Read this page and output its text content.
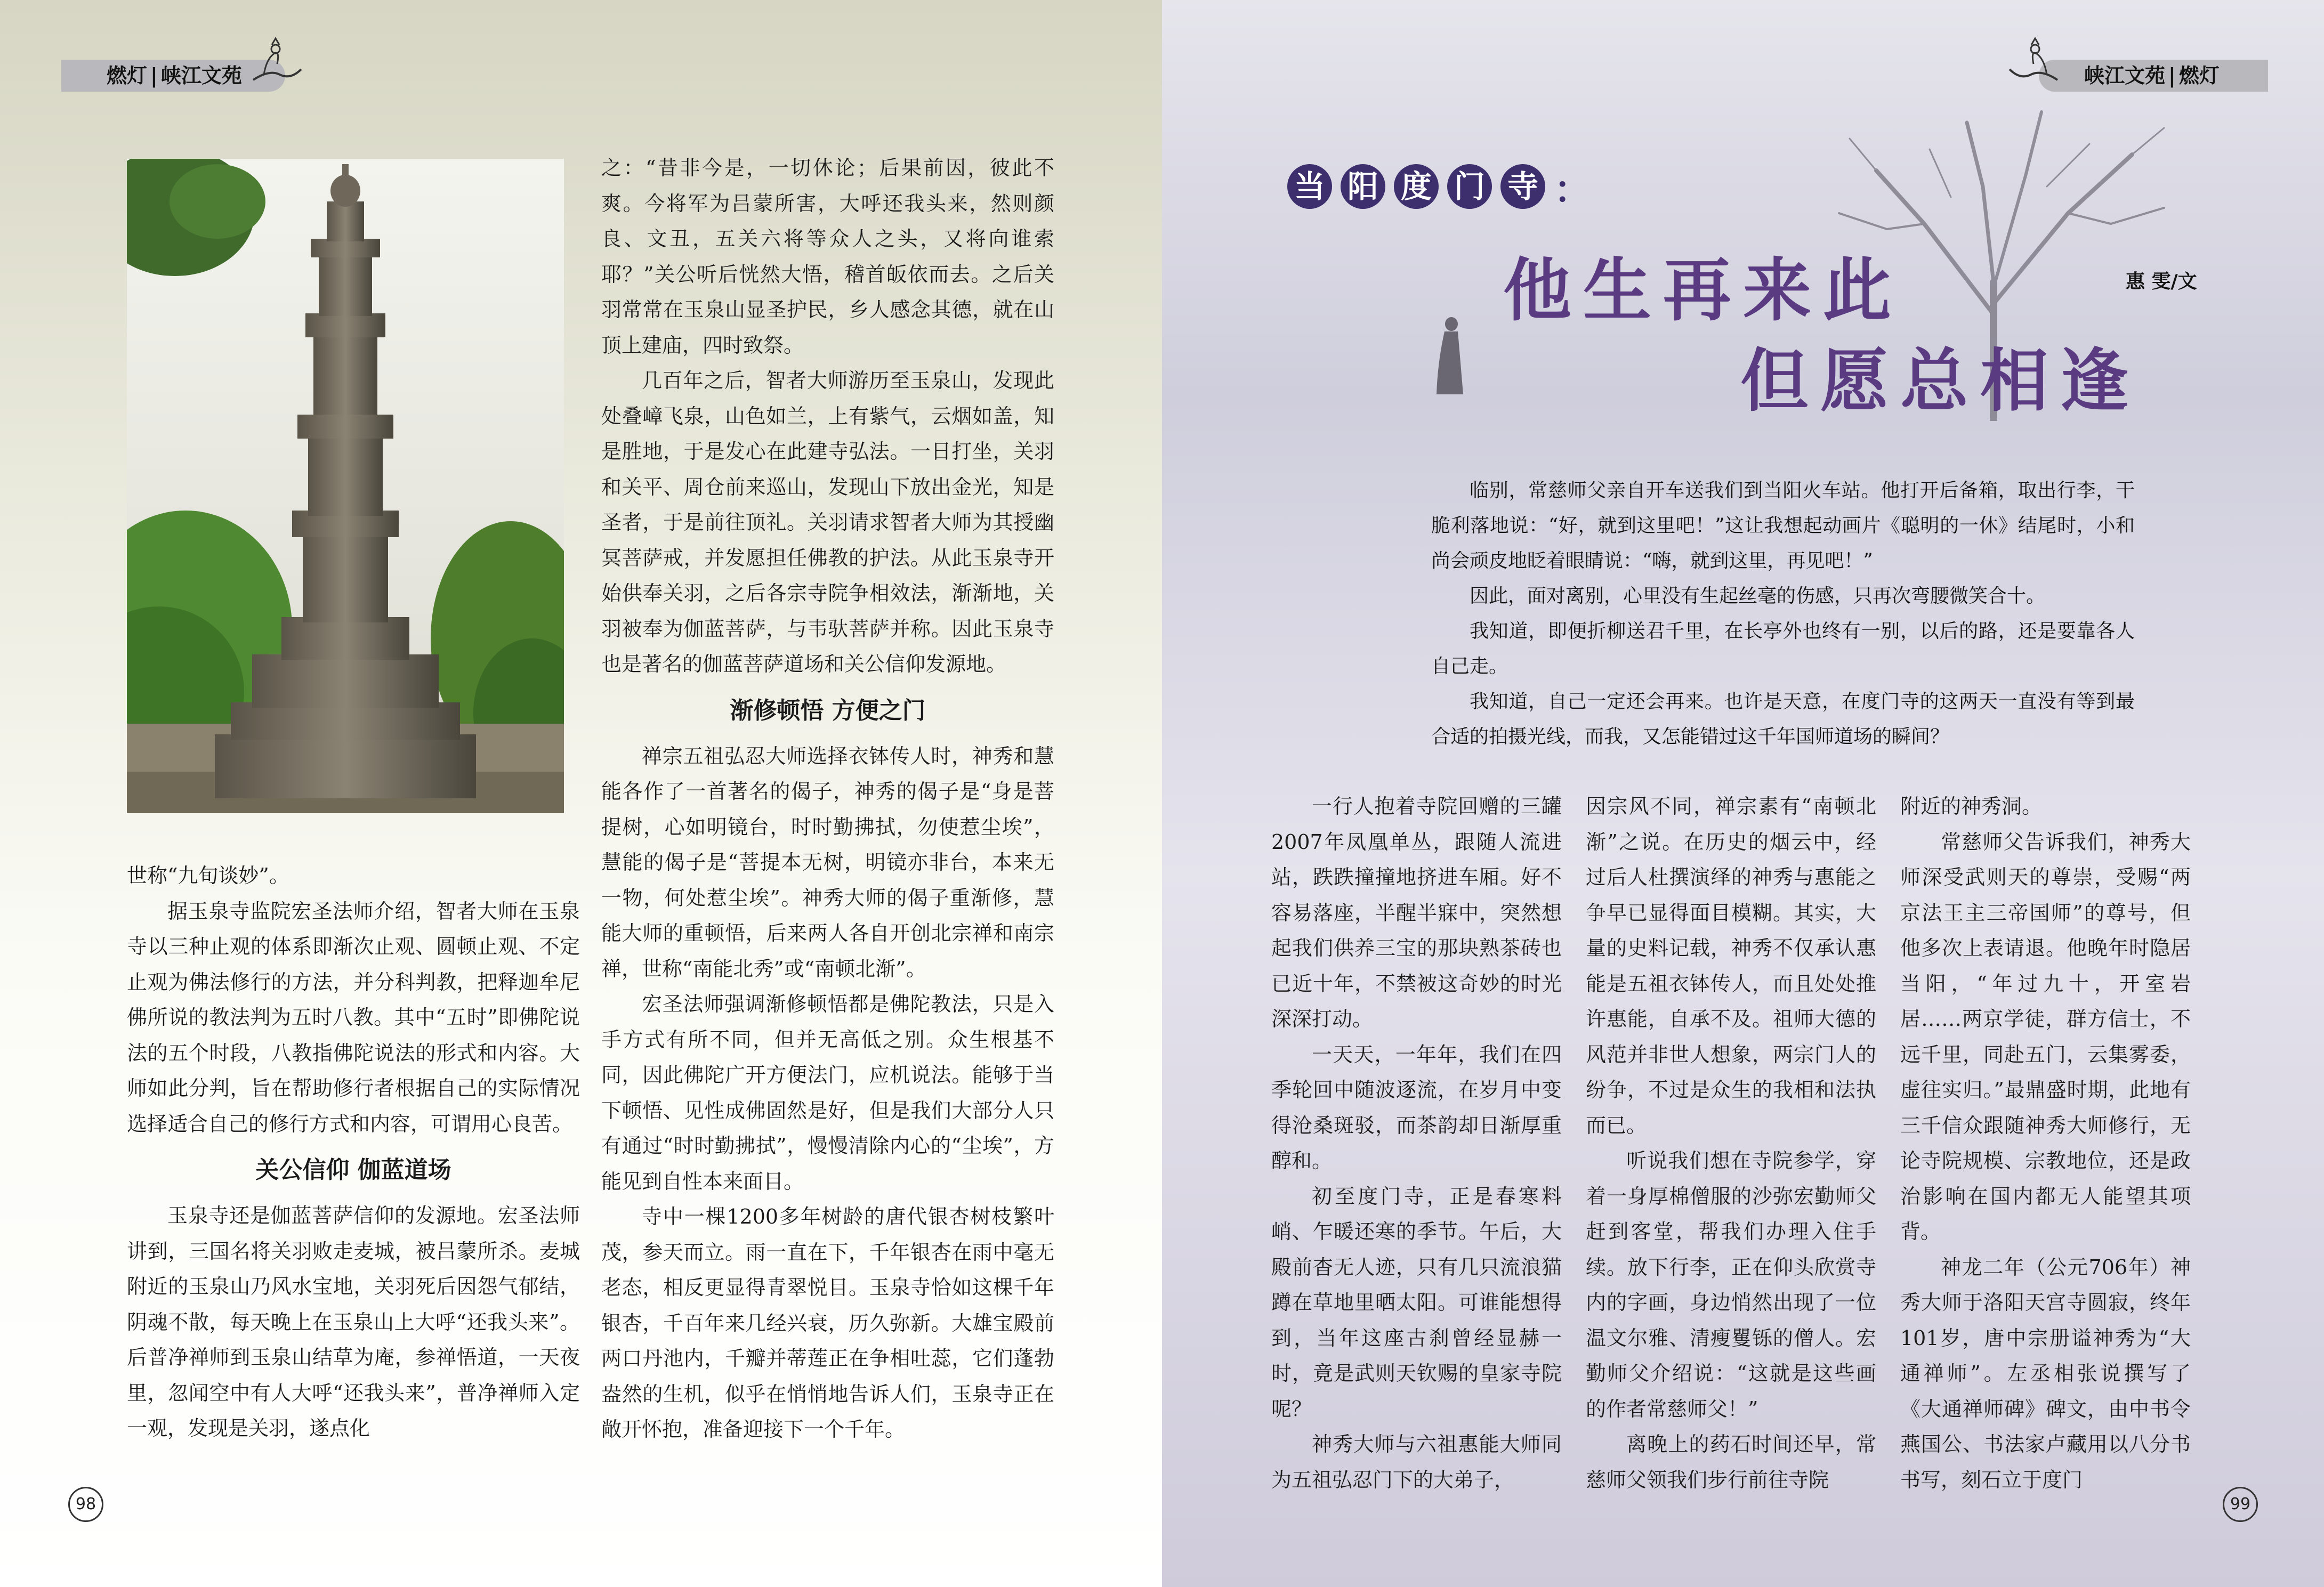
燃灯 | 峡江文苑

世称“九旬谈妙”。

据玉泉寺监院宏圣法师介绍，智者大师在玉泉寺以三种止观的体系即渐次止观、圆顿止观、不定止观为佛法修行的方法，并分科判教，把释迦牟尼佛所说的教法判为五时八教。其中“五时”即佛陀说法的五个时段，八教指佛陀说法的形式和内容。大师如此分判，旨在帮助修行者根据自己的实际情况选择适合自己的修行方式和内容，可谓用心良苦。

关公信仰 伽蓝道场

玉泉寺还是伽蓝菩萨信仰的发源地。宏圣法师讲到，三国名将关羽败走麦城，被吕蒙所杀。麦城附近的玉泉山乃风水宝地，关羽死后因怨气郁结，阴魂不散，每天晚上在玉泉山上大呼“还我头来”。后普净禅师到玉泉山结草为庵，参禅悟道，一天夜里，忽闻空中有人大呼“还我头来”，普净禅师入定一观，发现是关羽，遂点化

之：“昔非今是，一切休论；后果前因，彼此不爽。今将军为吕蒙所害，大呼还我头来，然则颜良、文丑，五关六将等众人之头，又将向谁索耶？”关公听后恍然大悟，稽首皈依而去。之后关羽常常在玉泉山显圣护民，乡人感念其德，就在山顶上建庙，四时致祭。

几百年之后，智者大师游历至玉泉山，发现此处叠嶂飞泉，山色如兰，上有紫气，云烟如盖，知是胜地，于是发心在此建寺弘法。一日打坐，关羽和关平、周仓前来巡山，发现山下放出金光，知是圣者，于是前往顶礼。关羽请求智者大师为其授幽冥菩萨戒，并发愿担任佛教的护法。从此玉泉寺开始供奉关羽，之后各宗寺院争相效法，渐渐地，关羽被奉为伽蓝菩萨，与韦驮菩萨并称。因此玉泉寺也是著名的伽蓝菩萨道场和关公信仰发源地。

渐修顿悟 方便之门

禅宗五祖弘忍大师选择衣钵传人时，神秀和慧能各作了一首著名的偈子，神秀的偈子是“身是菩提树，心如明镜台，时时勤拂拭，勿使惹尘埃”，慧能的偈子是“菩提本无树，明镜亦非台，本来无一物，何处惹尘埃”。神秀大师的偈子重渐修，慧能大师的重顿悟，后来两人各自开创北宗禅和南宗禅，世称“南能北秀”或“南顿北渐”。

宏圣法师强调渐修顿悟都是佛陀教法，只是入手方式有所不同，但并无高低之别。众生根基不同，因此佛陀广开方便法门，应机说法。能够于当下顿悟、见性成佛固然是好，但是我们大部分人只有通过“时时勤拂拭”，慢慢清除内心的“尘埃”，方能见到自性本来面目。

寺中一棵1200多年树龄的唐代银杏树枝繁叶茂，参天而立。雨一直在下，千年银杏在雨中毫无老态，相反更显得青翠悦目。玉泉寺恰如这棵千年银杏，千百年来几经兴衰，历久弥新。大雄宝殿前两口丹池内，千瓣并蒂莲正在争相吐蕊，它们蓬勃盎然的生机，似乎在悄悄地告诉人们，玉泉寺正在敞开怀抱，准备迎接下一个千年。

98
峡江文苑 | 燃灯
当 阳 度 门 寺 ：
他生再来此
但愿总相逢
惠 雯/文

临别，常慈师父亲自开车送我们到当阳火车站。他打开后备箱，取出行李，干脆利落地说：“好，就到这里吧！”这让我想起动画片《聪明的一休》结尾时，小和尚会顽皮地眨着眼睛说：“嗨，就到这里，再见吧！”

因此，面对离别，心里没有生起丝毫的伤感，只再次弯腰微笑合十。

我知道，即便折柳送君千里，在长亭外也终有一别，以后的路，还是要靠各人自己走。

我知道，自己一定还会再来。也许是天意，在度门寺的这两天一直没有等到最合适的拍摄光线，而我，又怎能错过这千年国师道场的瞬间？

一行人抱着寺院回赠的三罐2007年凤凰单丛，跟随人流进站，跌跌撞撞地挤进车厢。好不容易落座，半醒半寐中，突然想起我们供养三宝的那块熟茶砖也已近十年，不禁被这奇妙的时光深深打动。

一天天，一年年，我们在四季轮回中随波逐流，在岁月中变得沧桑斑驳，而茶韵却日渐厚重醇和。

初至度门寺，正是春寒料峭、乍暖还寒的季节。午后，大殿前杳无人迹，只有几只流浪猫蹲在草地里晒太阳。可谁能想得到，当年这座古刹曾经显赫一时，竟是武则天钦赐的皇家寺院呢？

神秀大师与六祖惠能大师同为五祖弘忍门下的大弟子，

因宗风不同，禅宗素有“南顿北渐”之说。在历史的烟云中，经过后人杜撰演绎的神秀与惠能之争早已显得面目模糊。其实，大量的史料记载，神秀不仅承认惠能是五祖衣钵传人，而且处处推许惠能，自承不及。祖师大德的风范并非世人想象，两宗门人的纷争，不过是众生的我相和法执而已。

听说我们想在寺院参学，穿着一身厚棉僧服的沙弥宏勤师父赶到客堂，帮我们办理入住手续。放下行李，正在仰头欣赏寺内的字画，身边悄然出现了一位温文尔雅、清瘦矍铄的僧人。宏勤师父介绍说：“这就是这些画的作者常慈师父！”

离晚上的药石时间还早，常慈师父领我们步行前往寺院

附近的神秀洞。

常慈师父告诉我们，神秀大师深受武则天的尊崇，受赐“两京法王主三帝国师”的尊号，但他多次上表请退。他晚年时隐居当阳，“年过九十，开室岩居……两京学徒，群方信士，不远千里，同赴五门，云集雾委，虚往实归。”最鼎盛时期，此地有三千信众跟随神秀大师修行，无论寺院规模、宗教地位，还是政治影响在国内都无人能望其项背。

神龙二年（公元706年）神秀大师于洛阳天宫寺圆寂，终年101岁，唐中宗册谥神秀为“大通禅师”。左丞相张说撰写了《大通禅师碑》碑文，由中书令燕国公、书法家卢藏用以八分书书写，刻石立于度门

99
